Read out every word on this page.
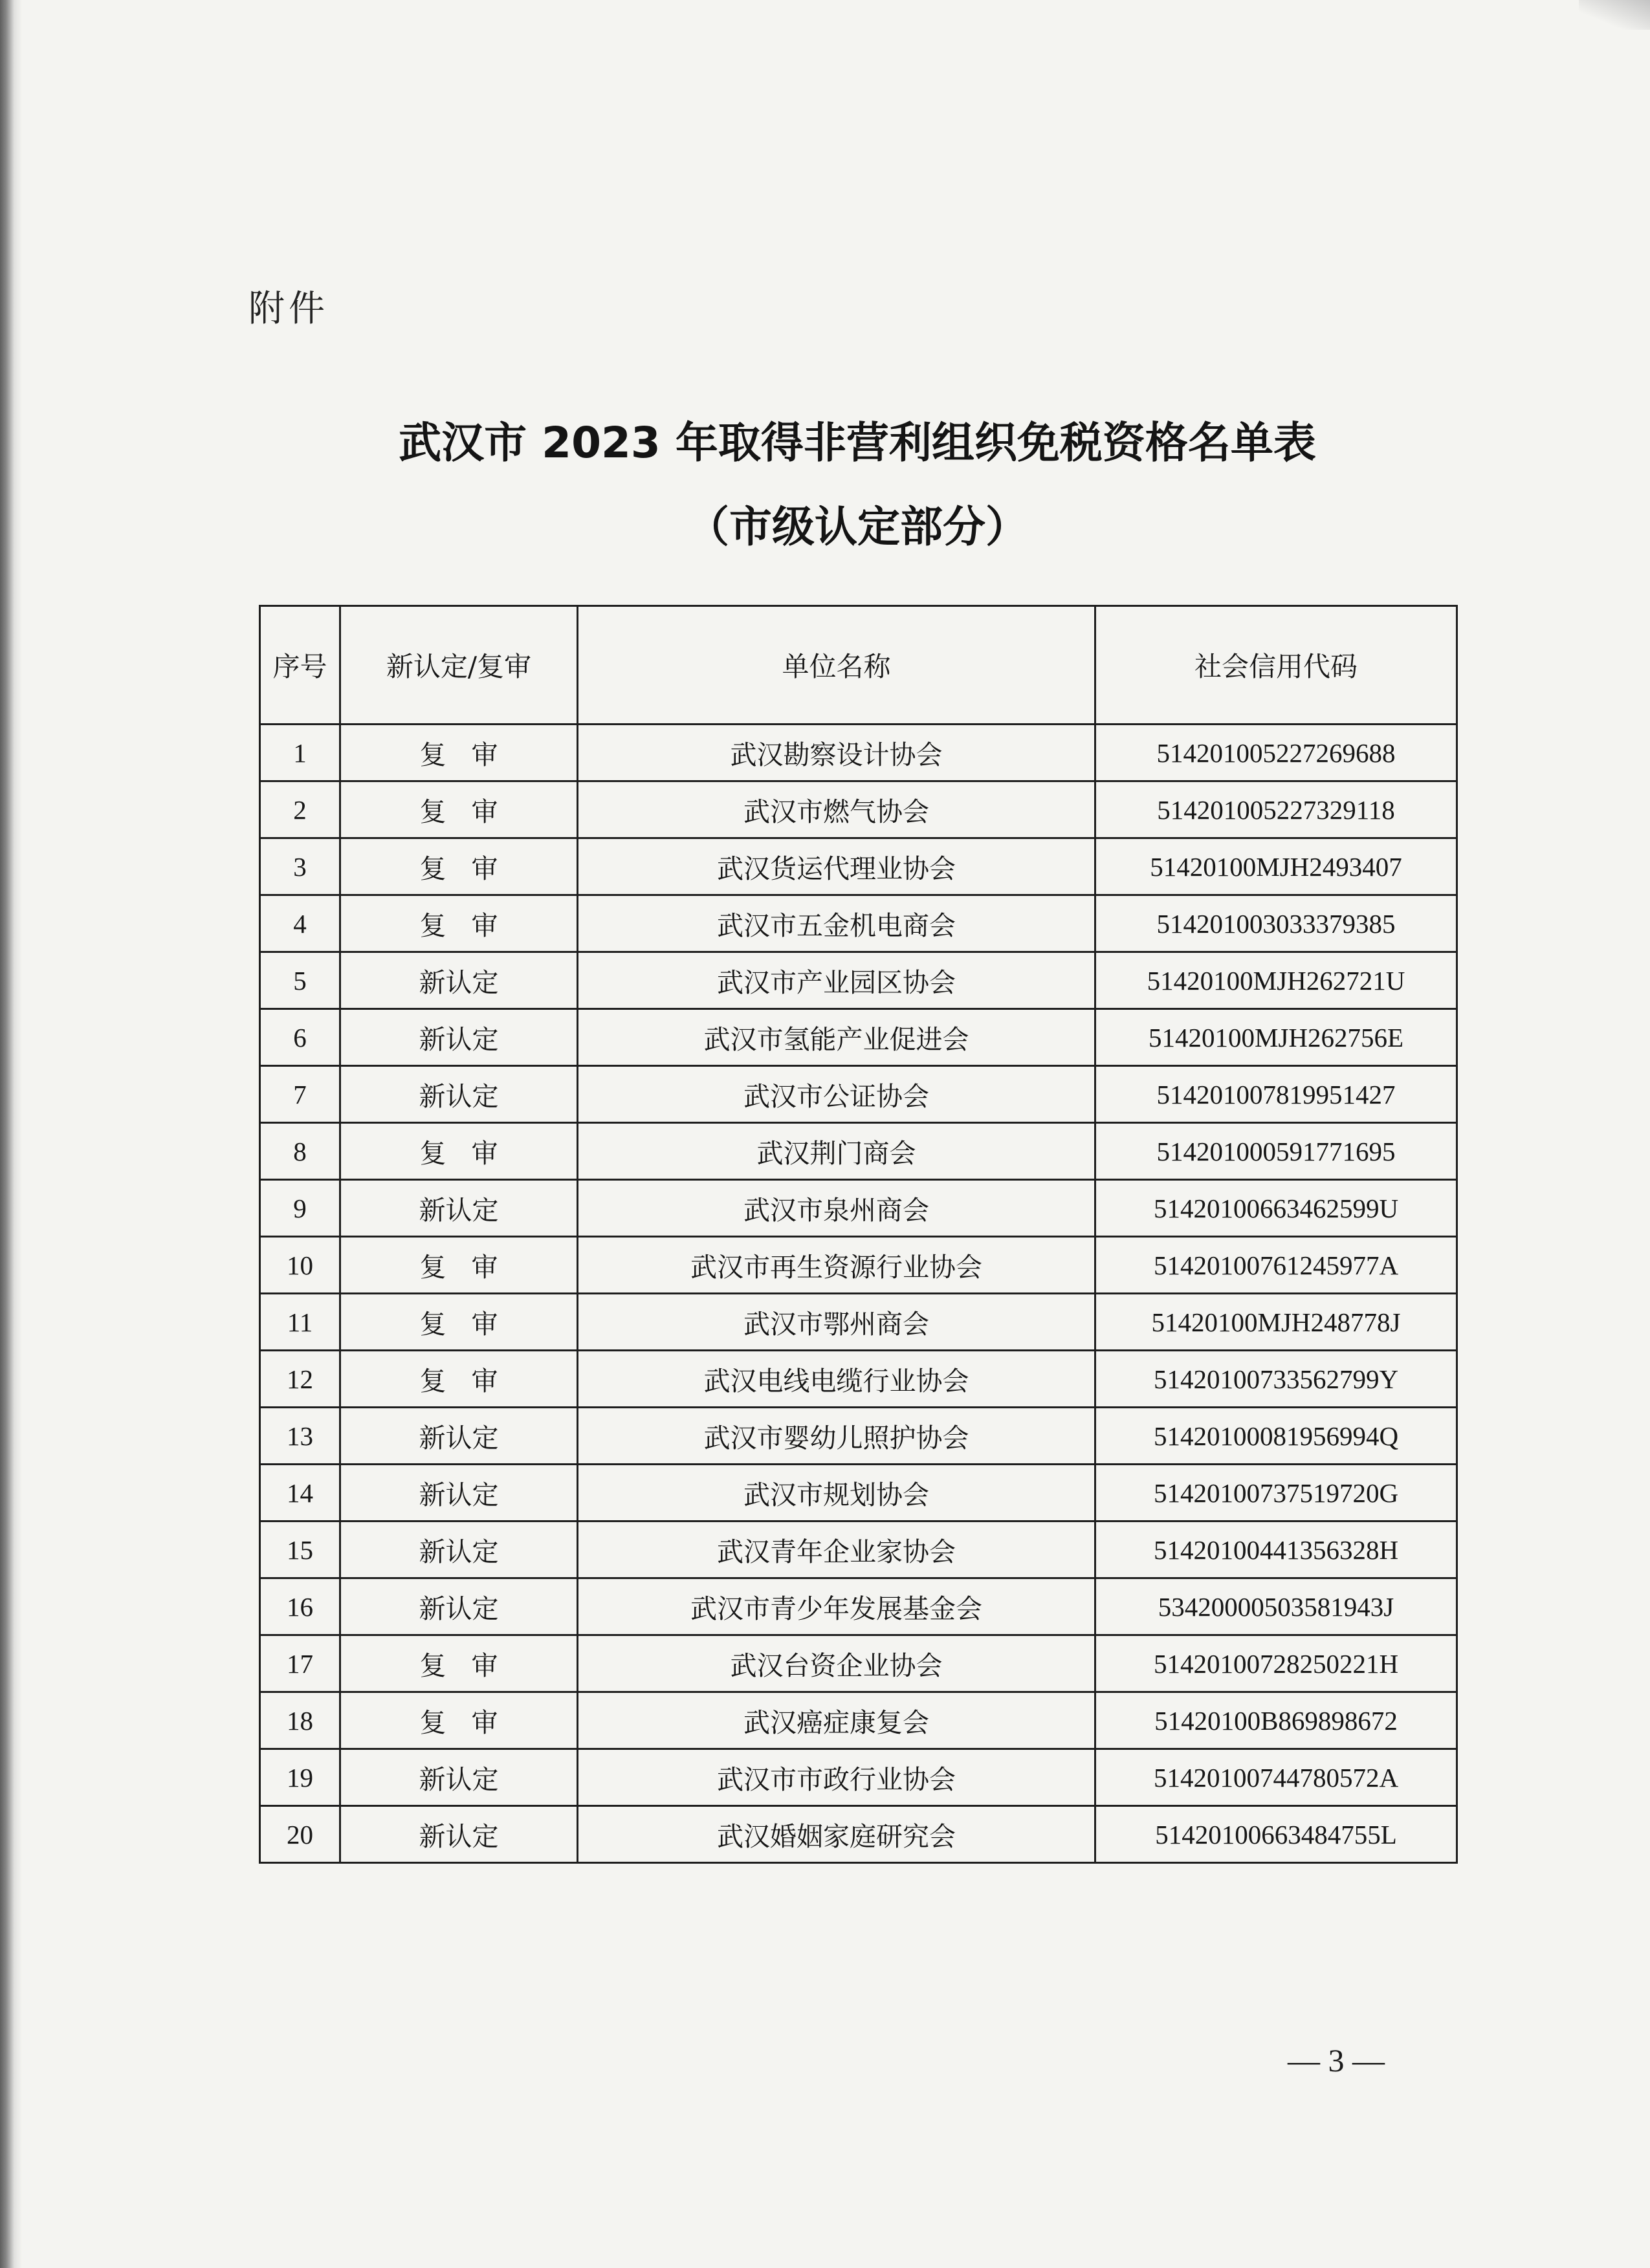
附件
武汉市 2023 年取得非营利组织免税资格名单表
（市级认定部分）
序号	新认定/复审	单位名称	社会信用代码
1	复 审	武汉勘察设计协会	514201005227269688
2	复 审	武汉市燃气协会	514201005227329118
3	复 审	武汉货运代理业协会	51420100MJH2493407
4	复 审	武汉市五金机电商会	514201003033379385
5	新认定	武汉市产业园区协会	51420100MJH262721U
6	新认定	武汉市氢能产业促进会	51420100MJH262756E
7	新认定	武汉市公证协会	514201007819951427
8	复 审	武汉荆门商会	514201000591771695
9	新认定	武汉市泉州商会	51420100663462599U
10	复 审	武汉市再生资源行业协会	51420100761245977A
11	复 审	武汉市鄂州商会	51420100MJH248778J
12	复 审	武汉电线电缆行业协会	51420100733562799Y
13	新认定	武汉市婴幼儿照护协会	51420100081956994Q
14	新认定	武汉市规划协会	51420100737519720G
15	新认定	武汉青年企业家协会	51420100441356328H
16	新认定	武汉市青少年发展基金会	53420000503581943J
17	复 审	武汉台资企业协会	51420100728250221H
18	复 审	武汉癌症康复会	51420100B869898672
19	新认定	武汉市市政行业协会	51420100744780572A
20	新认定	武汉婚姻家庭研究会	51420100663484755L
— 3 —
